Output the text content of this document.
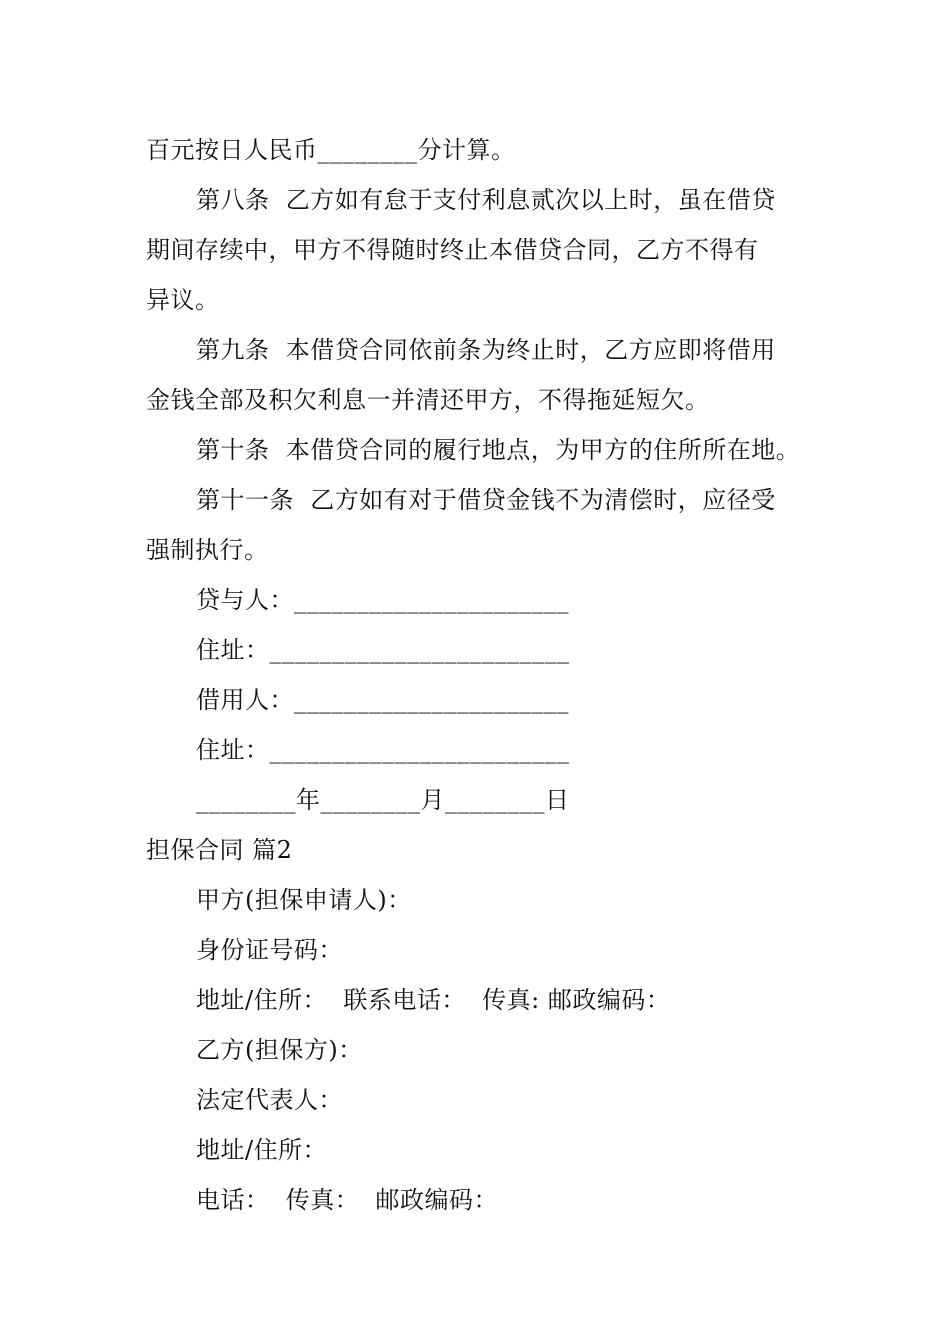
百元按日人民币________分计算。
第八条  乙方如有怠于支付利息贰次以上时，虽在借贷
期间存续中，甲方不得随时终止本借贷合同，乙方不得有
异议。
第九条  本借贷合同依前条为终止时，乙方应即将借用
金钱全部及积欠利息一并清还甲方，不得拖延短欠。
第十条  本借贷合同的履行地点，为甲方的住所所在地。
第十一条  乙方如有对于借贷金钱不为清偿时，应径受
强制执行。
贷与人：______________________
住址：________________________
借用人：______________________
住址：________________________
________年________月________日
担保合同 篇2
甲方(担保申请人)：
身份证号码：
地址/住所：  联系电话：  传真: 邮政编码：
乙方(担保方)：
法定代表人：
地址/住所：
电话：  传真：  邮政编码：
